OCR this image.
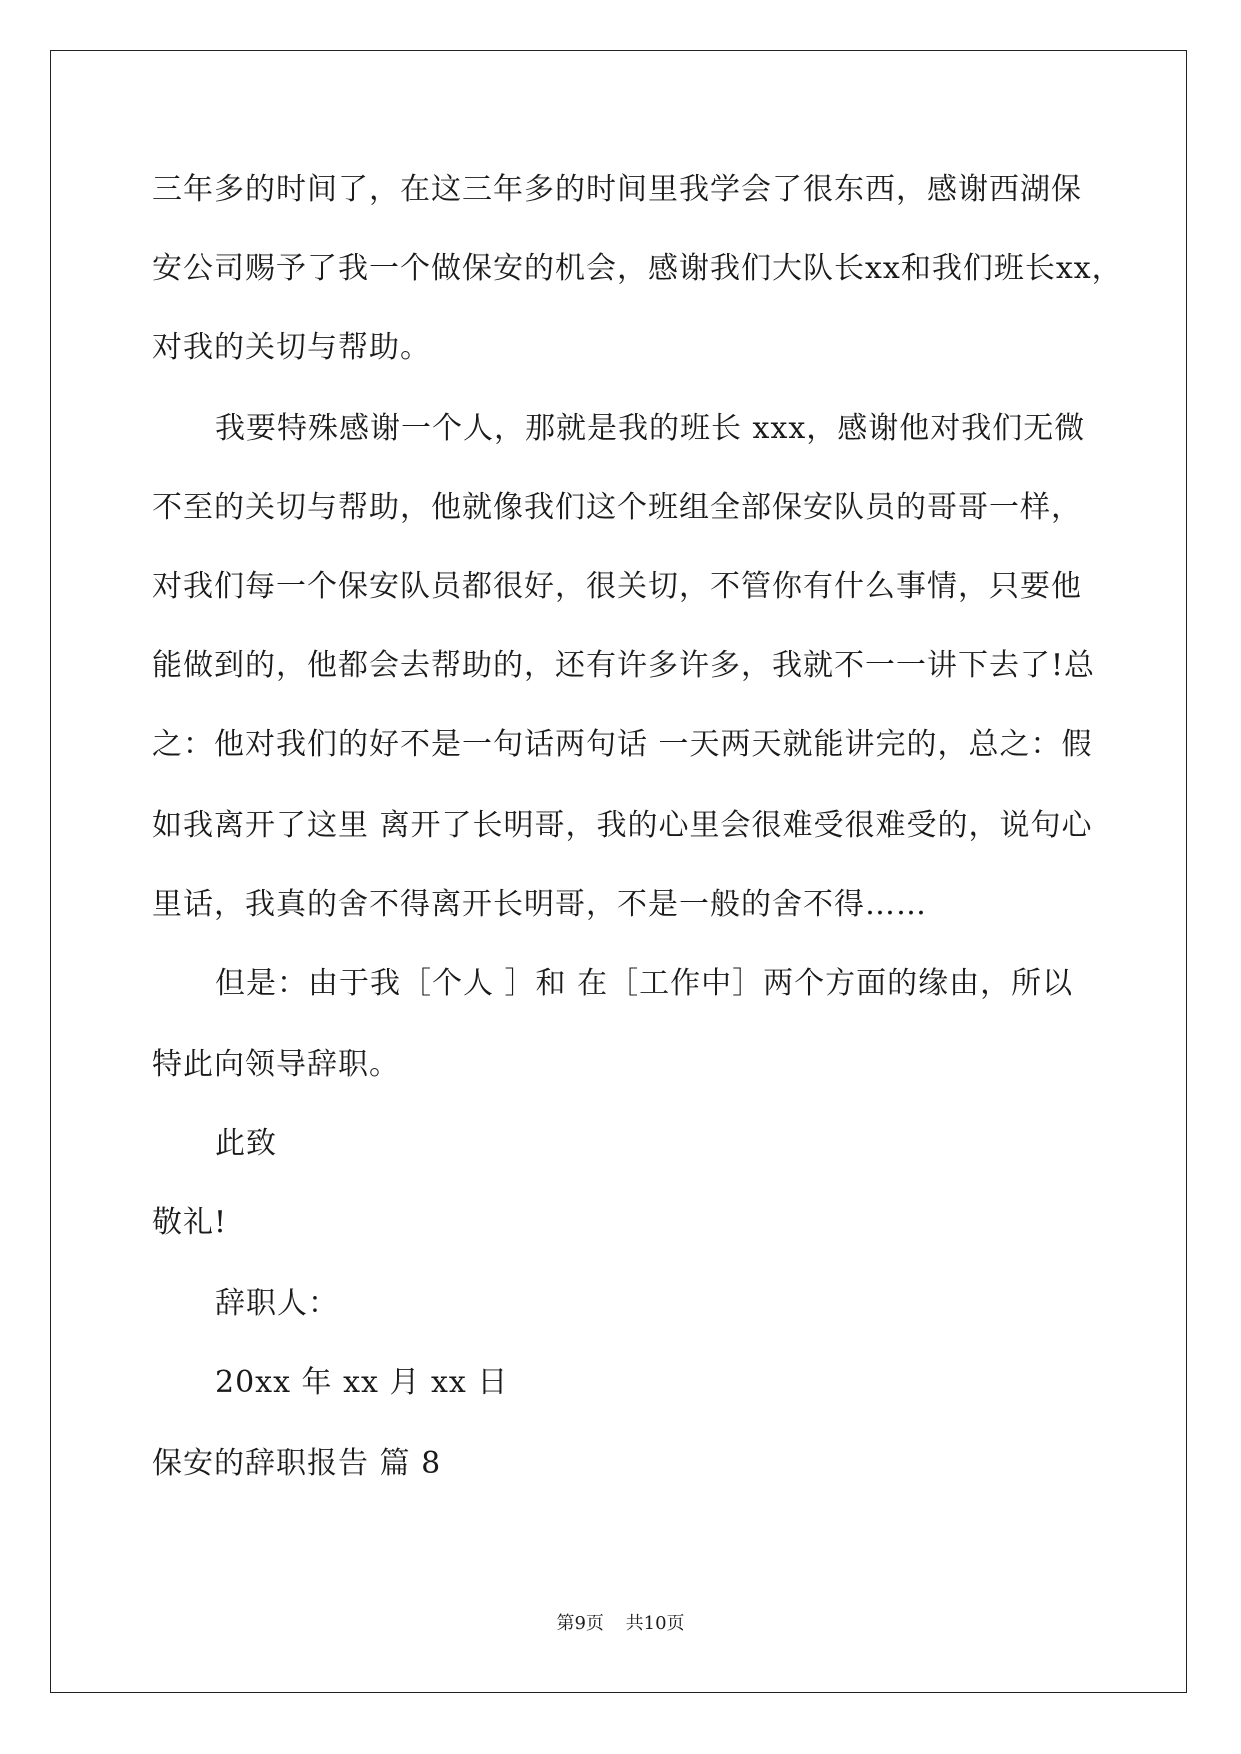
三年多的时间了，在这三年多的时间里我学会了很东西，感谢西湖保
安公司赐予了我一个做保安的机会，感谢我们大队长xx和我们班长xx，
对我的关切与帮助。
我要特殊感谢一个人，那就是我的班长 xxx，感谢他对我们无微
不至的关切与帮助，他就像我们这个班组全部保安队员的哥哥一样，
对我们每一个保安队员都很好，很关切，不管你有什么事情，只要他
能做到的，他都会去帮助的，还有许多许多，我就不一一讲下去了!总
之：他对我们的好不是一句话两句话 一天两天就能讲完的，总之：假
如我离开了这里 离开了长明哥，我的心里会很难受很难受的，说句心
里话，我真的舍不得离开长明哥，不是一般的舍不得……
但是：由于我［个人 ］和 在［工作中］两个方面的缘由，所以
特此向领导辞职。
此致
敬礼!
辞职人：
20xx 年 xx 月 xx 日
保安的辞职报告 篇 8
第9页 共10页
